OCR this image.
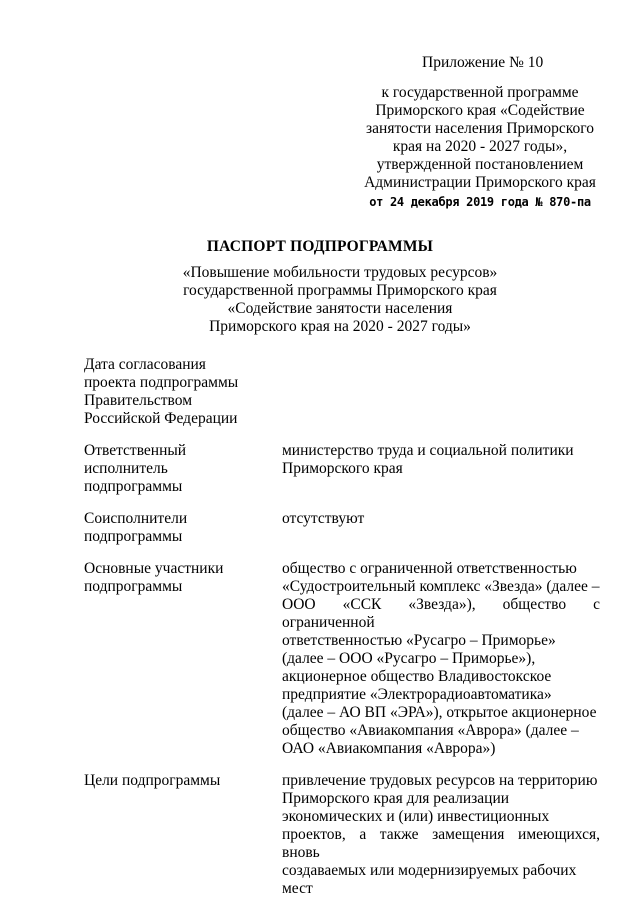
Приложение № 10
к государственной программе
Приморского края «Содействие
занятости населения Приморского
края на 2020 - 2027 годы»,
утвержденной постановлением
Администрации Приморского края
от 24 декабря 2019 года № 870-па
ПАСПОРТ ПОДПРОГРАММЫ
«Повышение мобильности трудовых ресурсов»
государственной программы Приморского края
«Содействие занятости населения
Приморского края на 2020 - 2027 годы»
Дата согласования
проекта подпрограммы
Правительством
Российской Федерации
Ответственный
исполнитель
подпрограммы
министерство труда и социальной политики
Приморского края
Соисполнители
подпрограммы
отсутствуют
Основные участники
подпрограммы
общество с ограниченной ответственностью
«Судостроительный комплекс «Звезда» (далее –
ООО «ССК «Звезда»), общество с ограниченной
ответственностью «Русагро – Приморье»
(далее – ООО «Русагро – Приморье»),
акционерное общество Владивостокское
предприятие «Электрорадиоавтоматика»
(далее – АО ВП «ЭРА»), открытое акционерное
общество «Авиакомпания «Аврора» (далее –
ОАО «Авиакомпания «Аврора»)
Цели подпрограммы	привлечение трудовых ресурсов на территорию
Приморского края для реализации
экономических и (или) инвестиционных
проектов, а также замещения имеющихся, вновь
создаваемых или модернизируемых рабочих
мест
